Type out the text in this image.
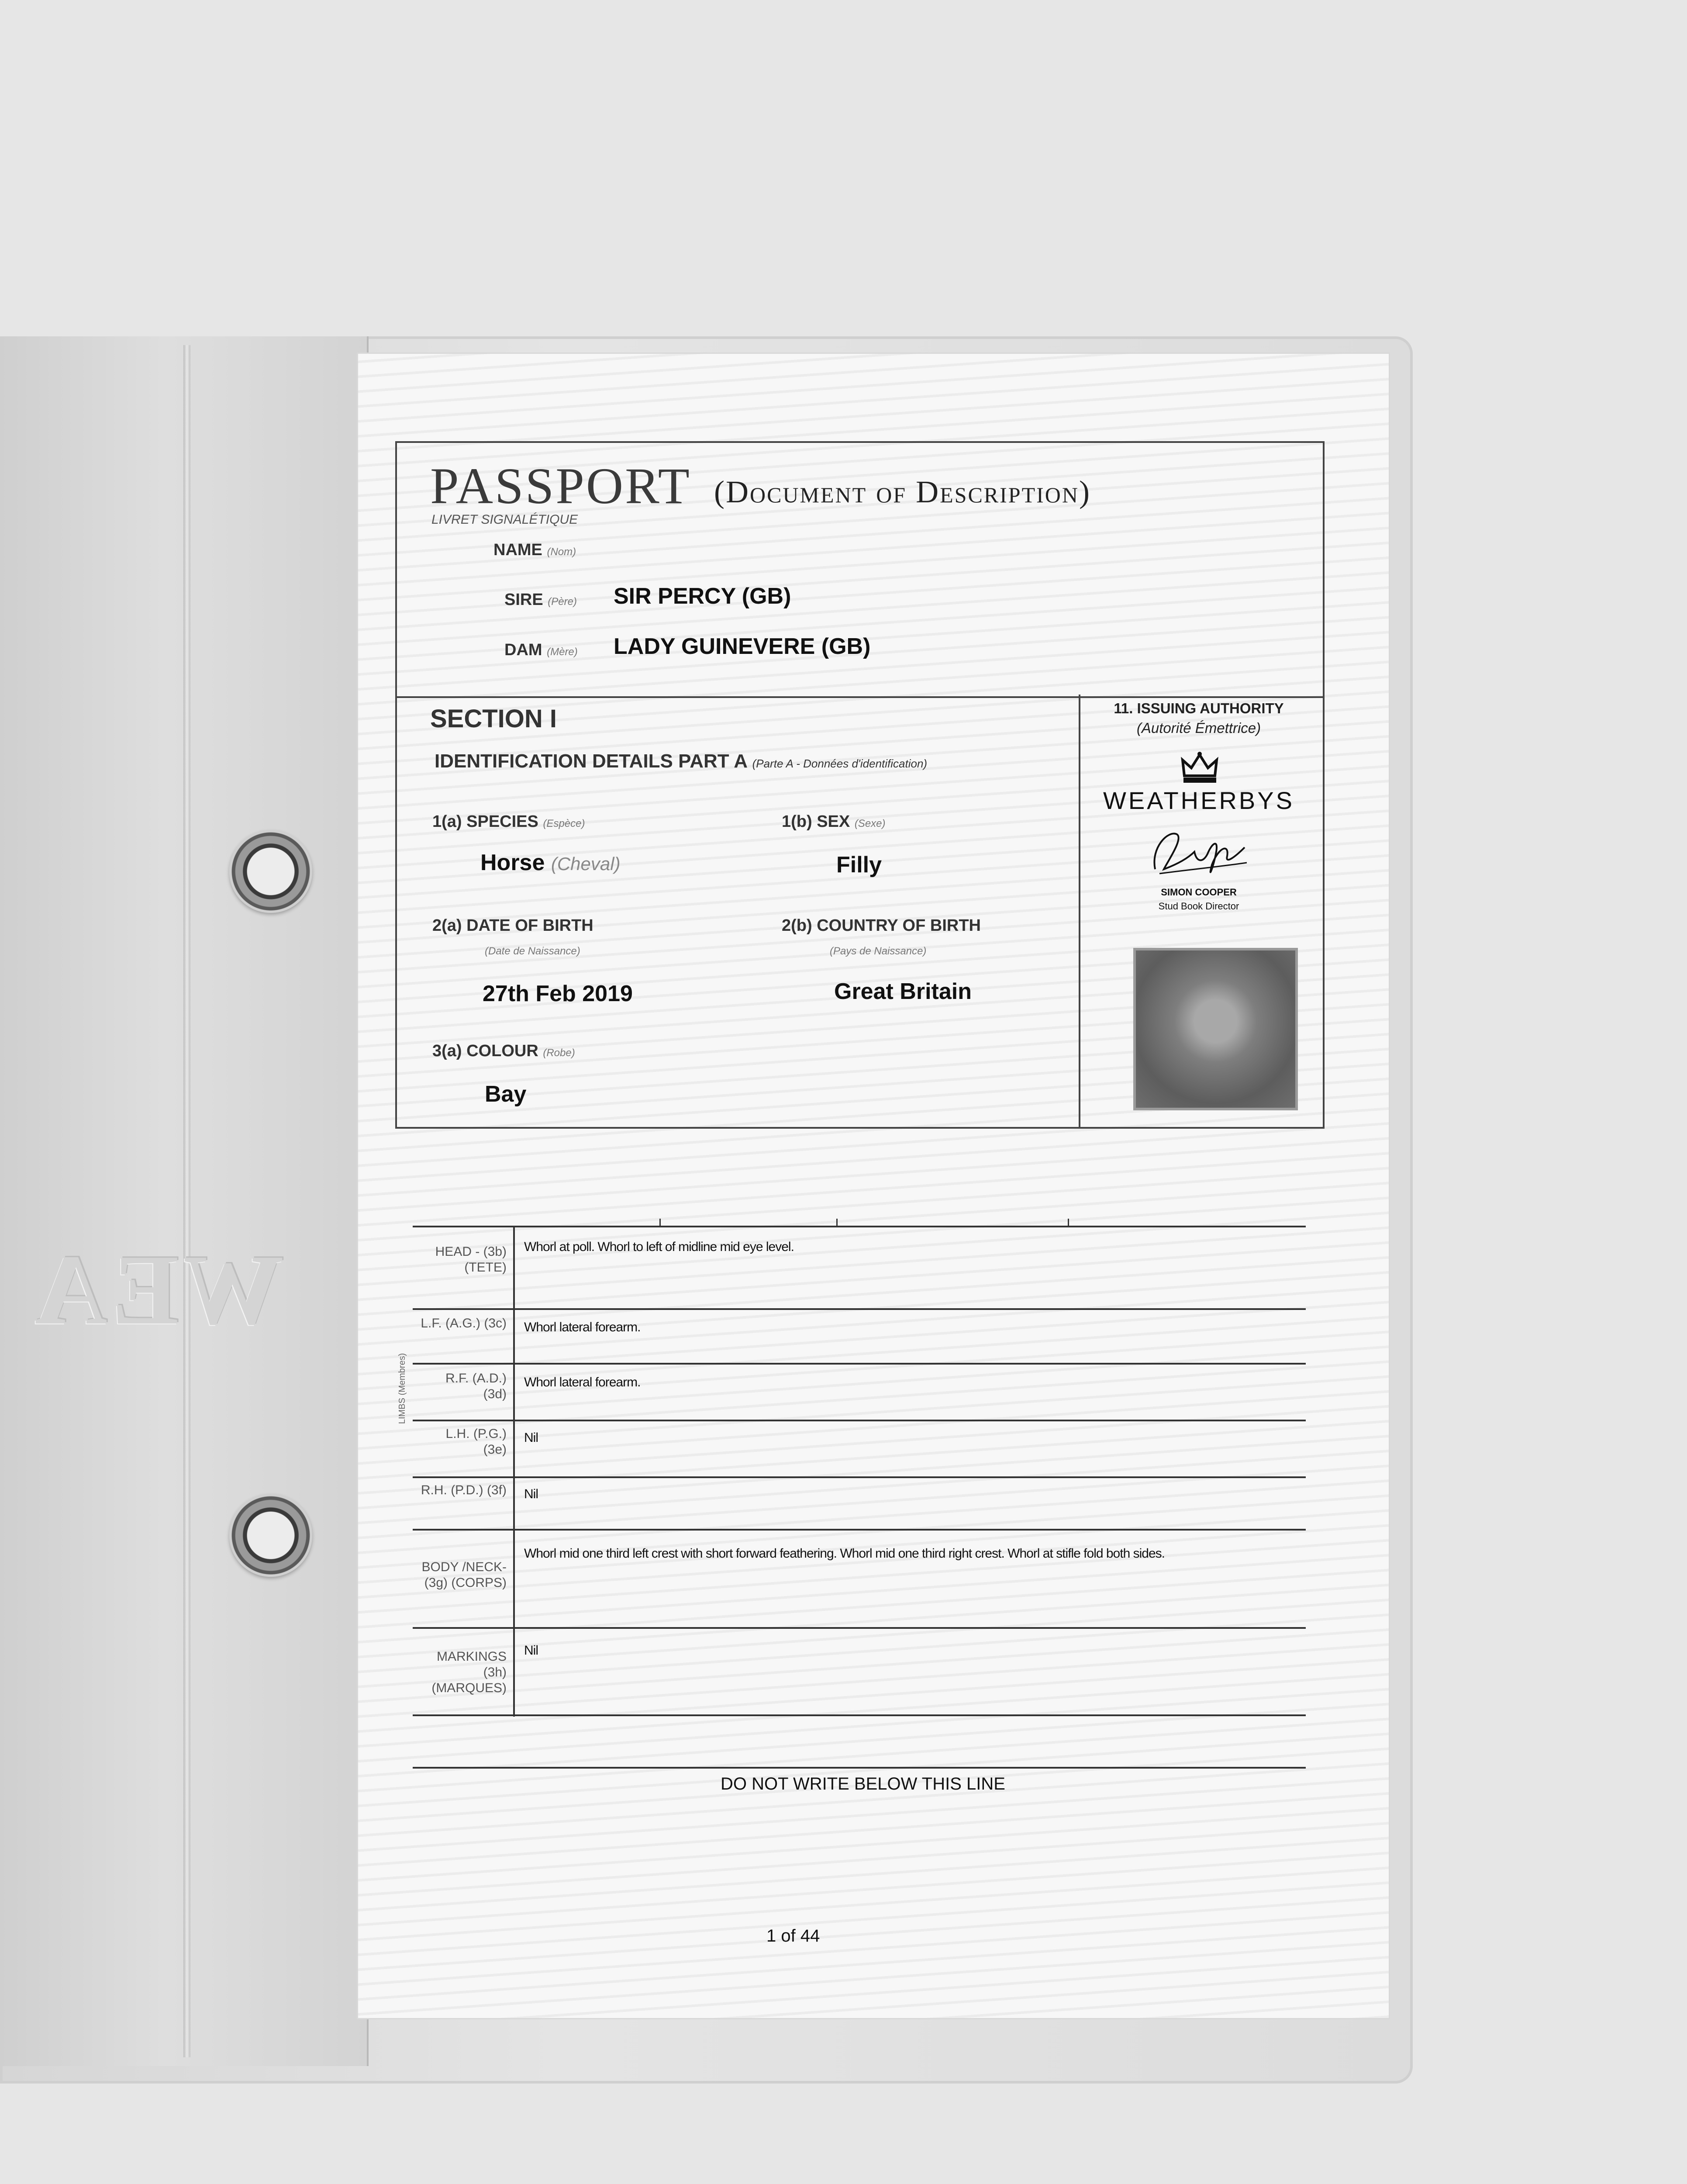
WEA
PASSPORT (Document of Description)
LIVRET SIGNALÉTIQUE
NAME (Nom)
SIRE (Père) SIR PERCY (GB)
DAM (Mère) LADY GUINEVERE (GB)
SECTION I
IDENTIFICATION DETAILS PART A (Parte A - Données d'identification)
1(a) SPECIES (Espèce)
Horse (Cheval)
1(b) SEX (Sexe)
Filly
2(a) DATE OF BIRTH
(Date de Naissance)
27th Feb 2019
2(b) COUNTRY OF BIRTH
(Pays de Naissance)
Great Britain
3(a) COLOUR (Robe)
Bay
11. ISSUING AUTHORITY
(Autorité Émettrice)
WEATHERBYS
SIMON COOPER
Stud Book Director
HEAD - (3b) (TETE)
Whorl at poll. Whorl to left of midline mid eye level.
L.F. (A.G.) (3c) Whorl lateral forearm.
R.F. (A.D.) (3d)
Whorl lateral forearm.
L.H. (P.G.) (3e)
Nil
R.H. (P.D.) (3f) Nil
BODY /NECK- (3g) (CORPS)
Whorl mid one third left crest with short forward feathering. Whorl mid one third right crest. Whorl at stifle fold both sides.
MARKINGS (3h) (MARQUES)
Nil
LIMBS (Membres)
DO NOT WRITE BELOW THIS LINE
1 of 44
